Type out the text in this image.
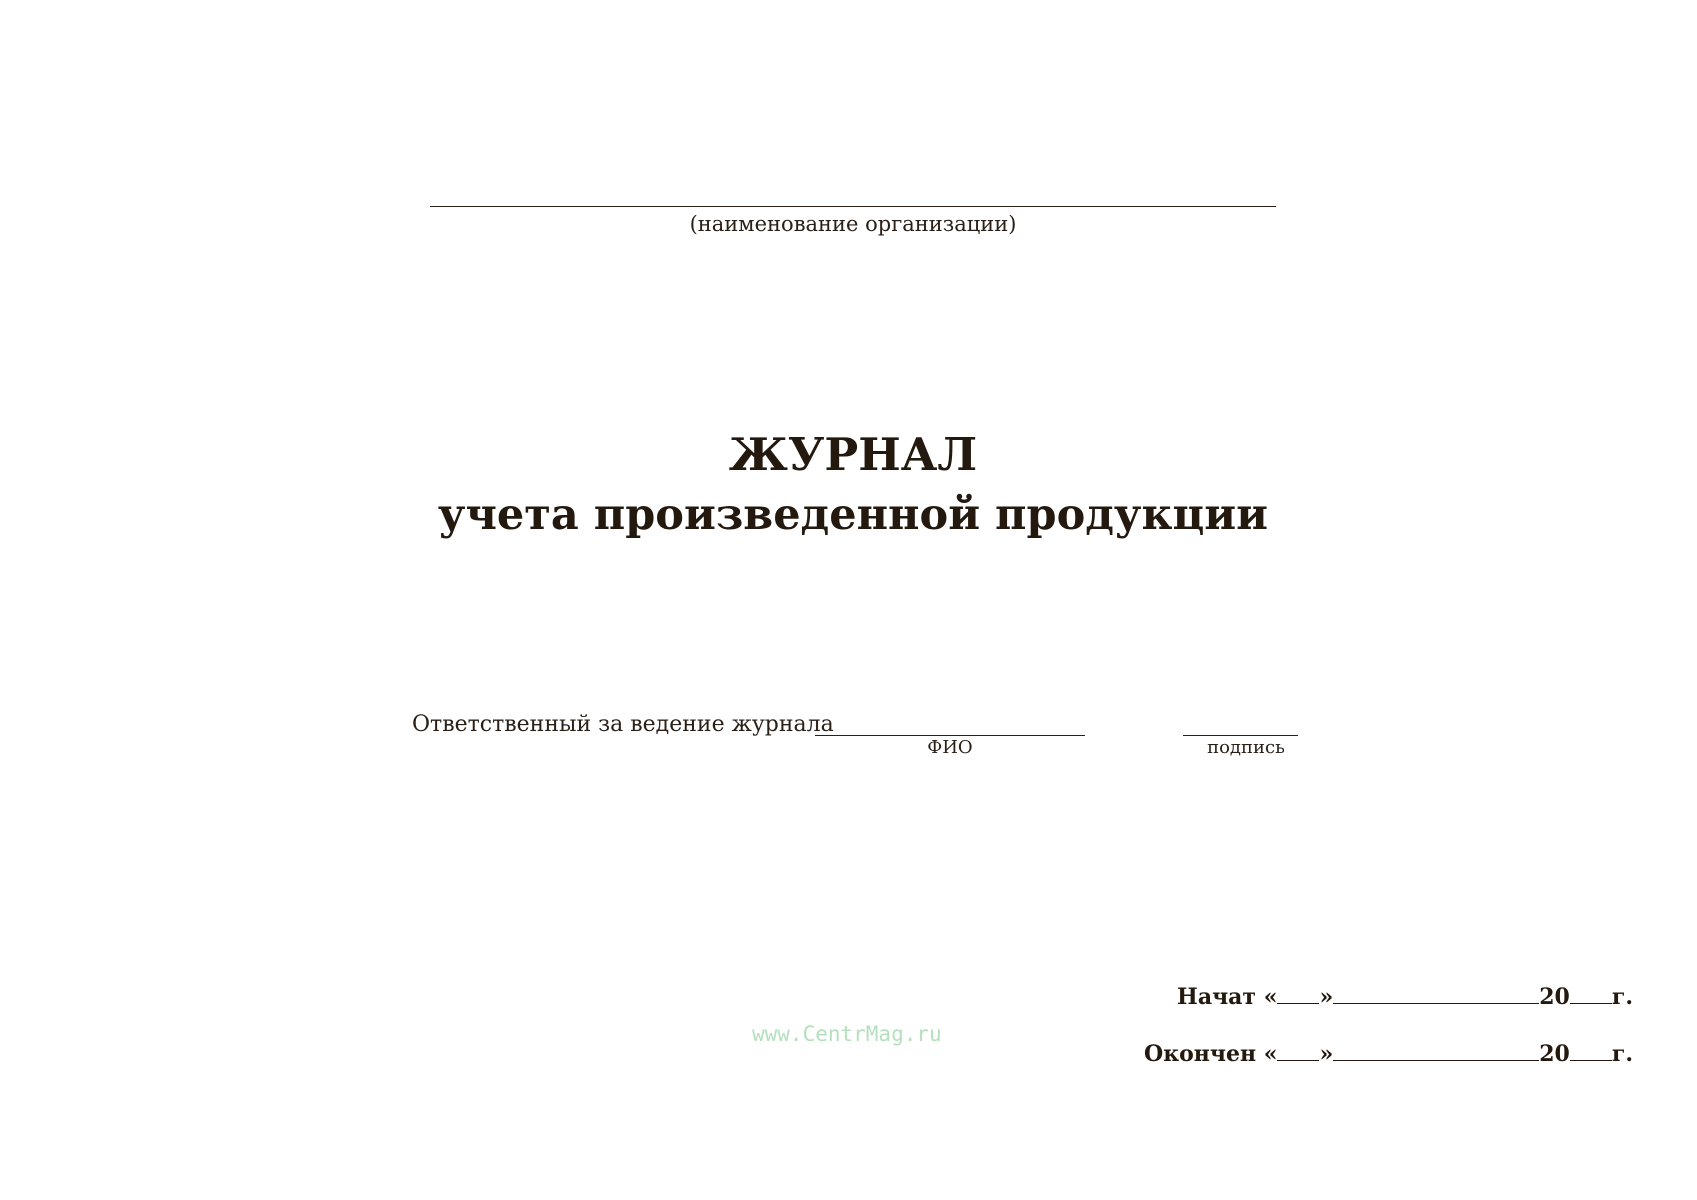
(наименование организации)
ЖУРНАЛ
учета произведенной продукции
Ответственный за ведение журнала
ФИО	подпись
www.CentrMag.ru
Начат « »	20 г.
Окончен « »	20 г.
